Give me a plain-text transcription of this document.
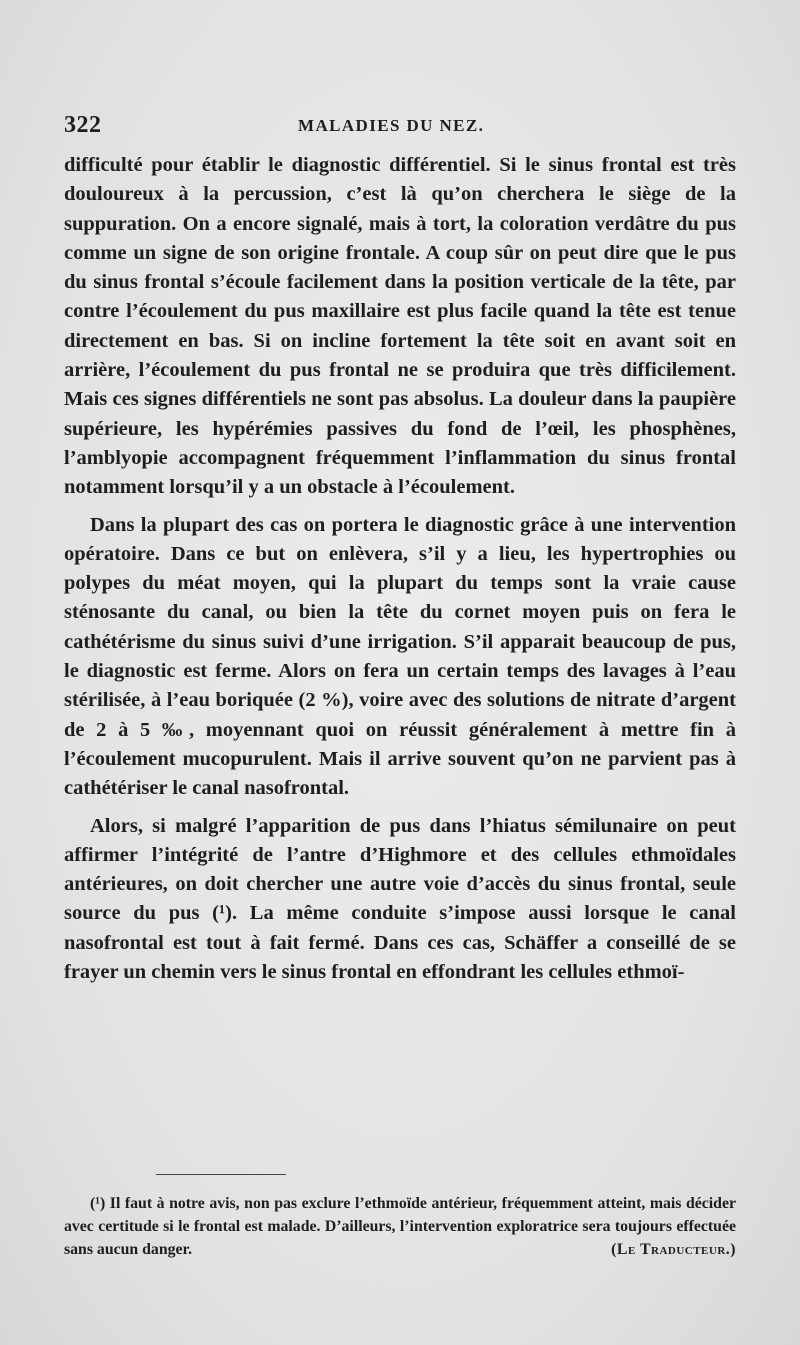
322	MALADIES DU NEZ.

difficulté pour établir le diagnostic différentiel. Si le sinus frontal est très douloureux à la percussion, c’est là qu’on cherchera le siège de la suppuration. On a encore signalé, mais à tort, la coloration verdâtre du pus comme un signe de son origine frontale. A coup sûr on peut dire que le pus du sinus frontal s’écoule facilement dans la position verticale de la tête, par contre l’écoulement du pus maxillaire est plus facile quand la tête est tenue directement en bas. Si on incline fortement la tête soit en avant soit en arrière, l’écoulement du pus frontal ne se produira que très difficilement. Mais ces signes différentiels ne sont pas absolus. La douleur dans la paupière supérieure, les hypérémies passives du fond de l’œil, les phosphènes, l’amblyopie accompagnent fréquemment l’inflammation du sinus frontal notamment lorsqu’il y a un obstacle à l’écoulement.

Dans la plupart des cas on portera le diagnostic grâce à une intervention opératoire. Dans ce but on enlèvera, s’il y a lieu, les hypertrophies ou polypes du méat moyen, qui la plupart du temps sont la vraie cause sténosante du canal, ou bien la tête du cornet moyen puis on fera le cathétérisme du sinus suivi d’une irrigation. S’il apparait beaucoup de pus, le diagnostic est ferme. Alors on fera un certain temps des lavages à l’eau stérilisée, à l’eau boriquée (2 %), voire avec des solutions de nitrate d’argent de 2 à 5 ‰, moyennant quoi on réussit généralement à mettre fin à l’écoulement mucopurulent. Mais il arrive souvent qu’on ne parvient pas à cathétériser le canal nasofrontal.

Alors, si malgré l’apparition de pus dans l’hiatus sémilunaire on peut affirmer l’intégrité de l’antre d’Highmore et des cellules ethmoïdales antérieures, on doit chercher une autre voie d’accès du sinus frontal, seule source du pus (¹). La même conduite s’impose aussi lorsque le canal nasofrontal est tout à fait fermé. Dans ces cas, Schäffer a conseillé de se frayer un chemin vers le sinus frontal en effondrant les cellules ethmoï-

(¹) Il faut à notre avis, non pas exclure l’ethmoïde antérieur, fréquemment atteint, mais décider avec certitude si le frontal est malade. D’ailleurs, l’intervention exploratrice sera toujours effectuée sans aucun danger.	(Le Traducteur.)
